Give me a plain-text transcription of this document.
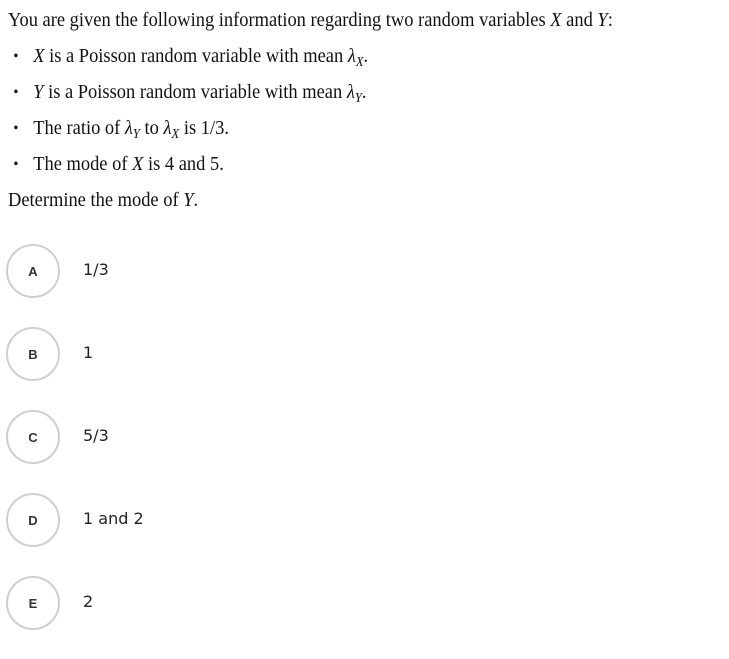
You are given the following information regarding two random variables X and Y:
• X is a Poisson random variable with mean $\lambda_X$.
• Y is a Poisson random variable with mean $\lambda_Y$.
• The ratio of $\lambda_Y$ to $\lambda_X$ is 1/3.
• The mode of X is 4 and 5.
Determine the mode of Y.
A	1/3
B	1
C	5/3
D	1 and 2
E	2
